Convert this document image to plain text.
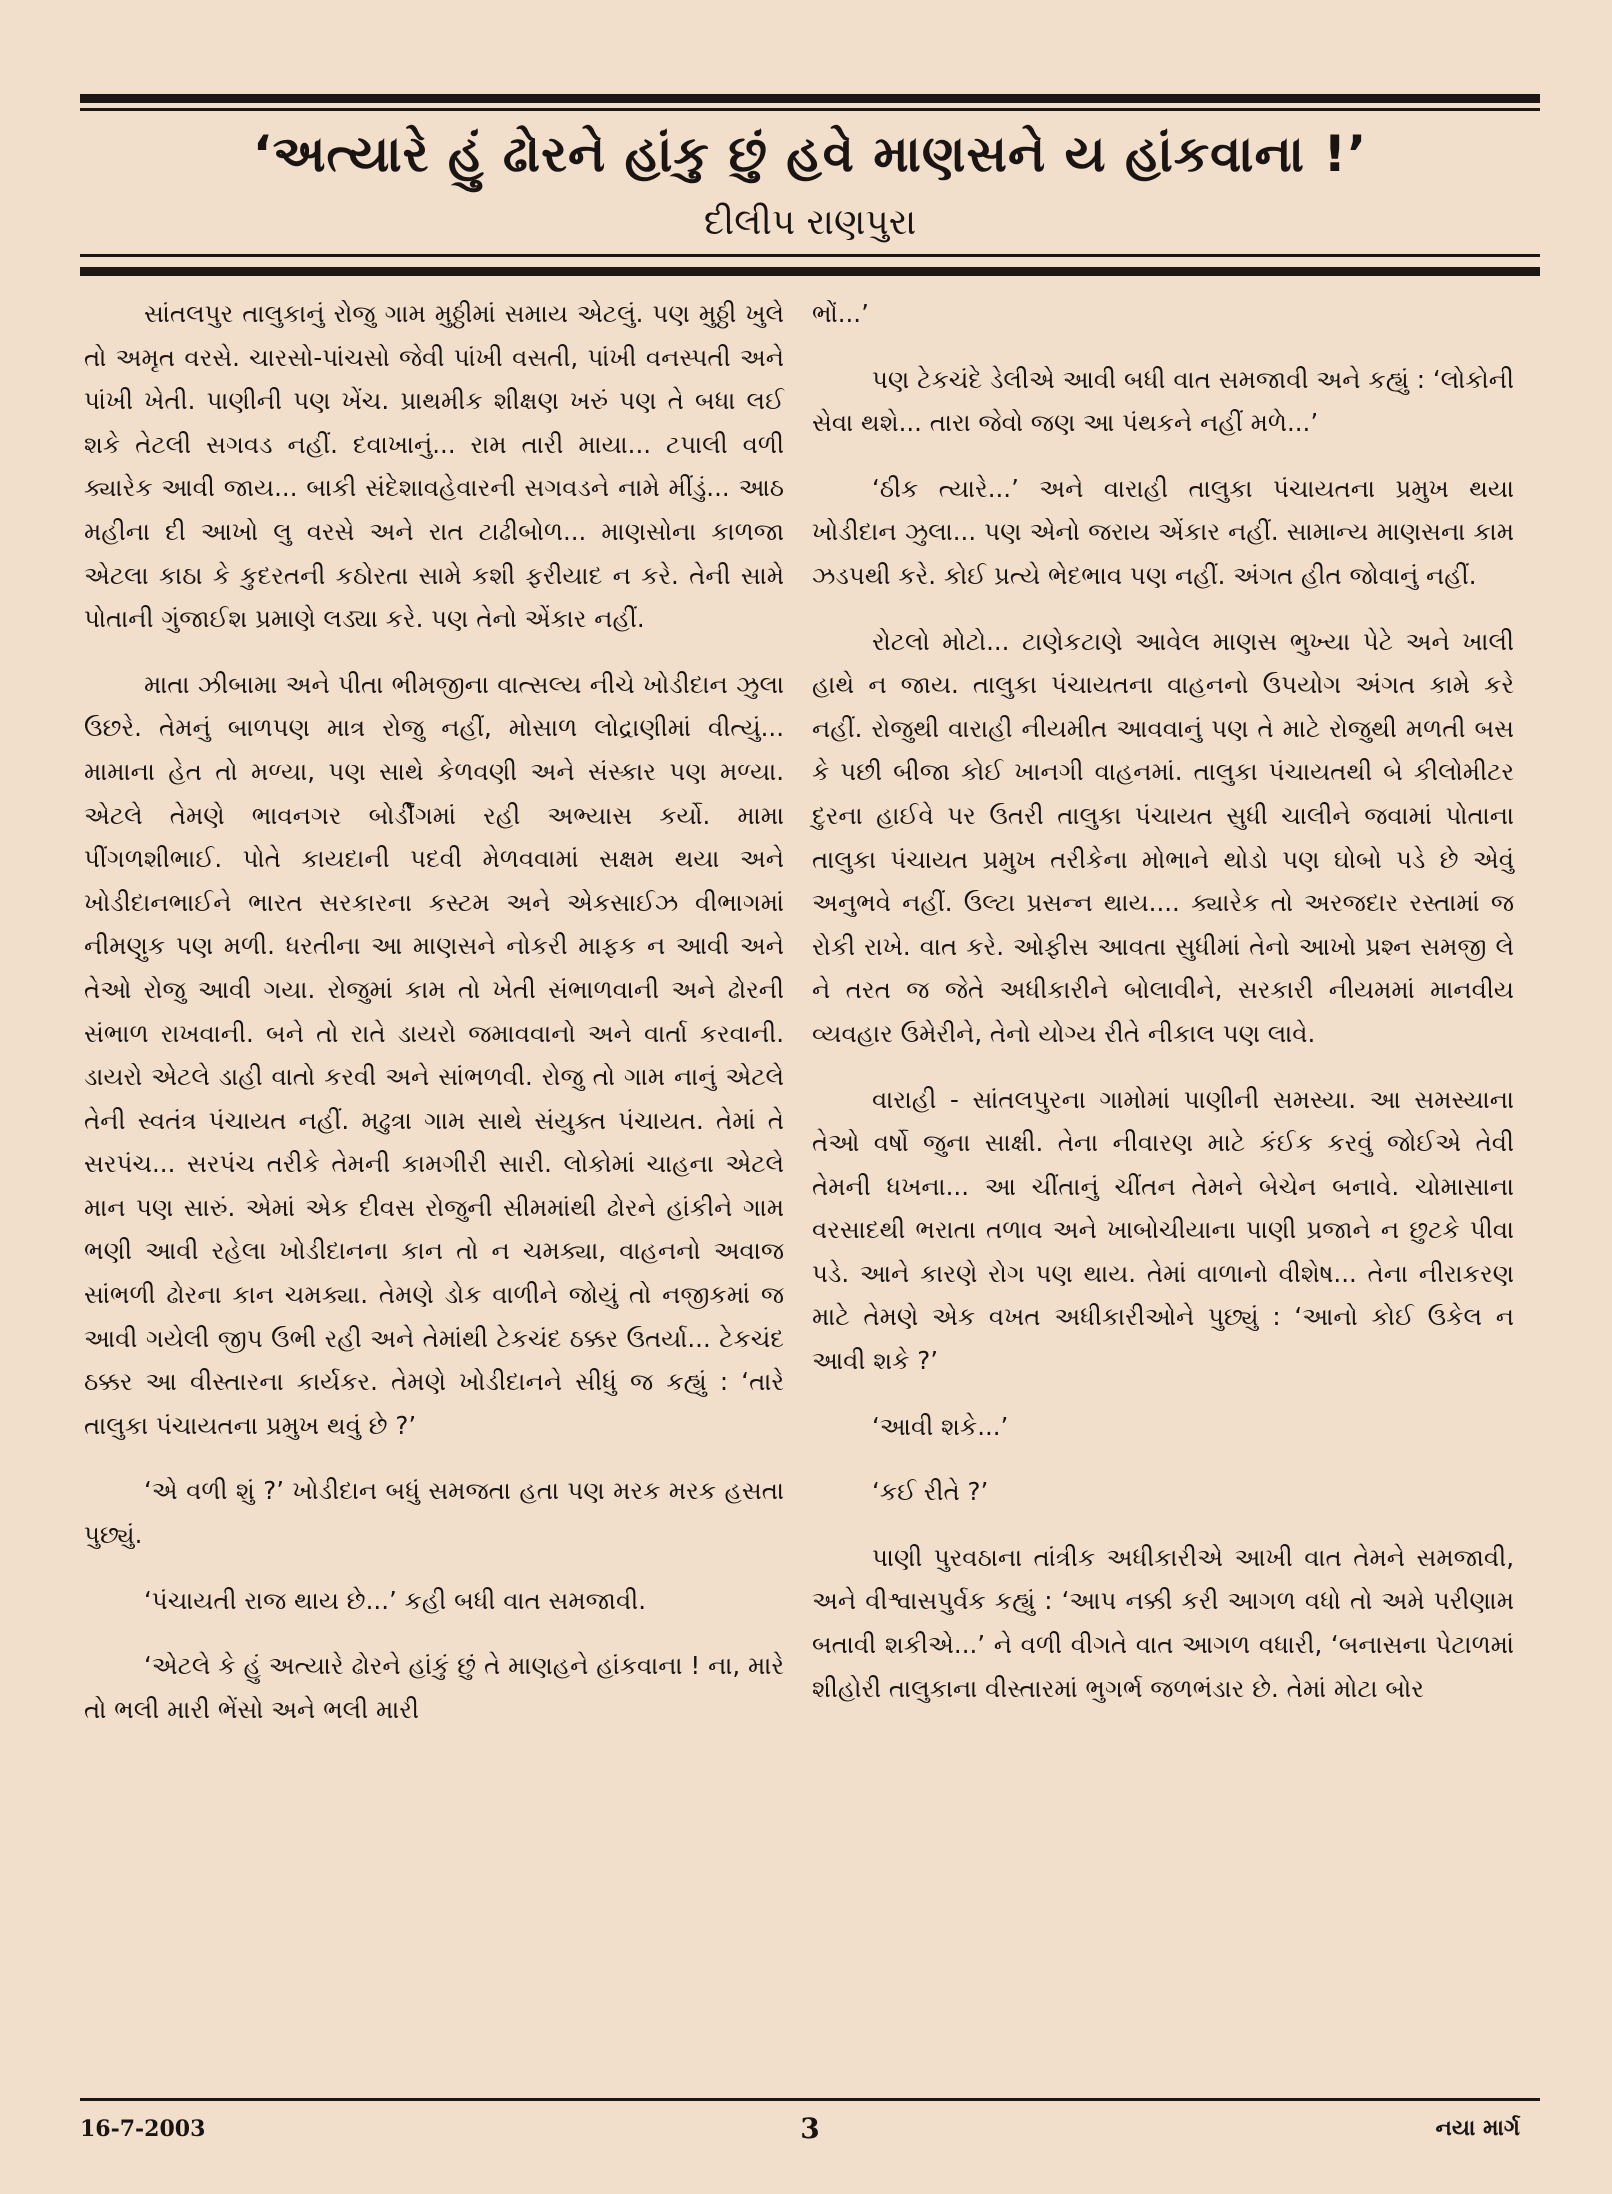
‘અત્યારે હું ઢોરને હાંકુ છું હવે માણસને ય હાંકવાના !’
દીલીપ રાણપુરા

સાંતલપુર તાલુકાનું રોજુ ગામ મુઠ્ઠીમાં સમાય એટલું. પણ મુઠ્ઠી ખુલે તો અમૃત વરસે. ચારસો-પાંચસો જેવી પાંખી વસતી, પાંખી વનસ્પતી અને પાંખી ખેતી. પાણીની પણ ખેંચ. પ્રાથમીક શીક્ષણ ખરું પણ તે બધા લઈ શકે તેટલી સગવડ નહીં. દવાખાનું... રામ તારી માયા... ટપાલી વળી ક્યારેક આવી જાય... બાકી સંદેશાવહેવારની સગવડને નામે મીંડું... આઠ મહીના દી આખો લુ વરસે અને રાત ટાઢીબોળ... માણસોના કાળજા એટલા કાઠા કે કુદરતની કઠોરતા સામે કશી ફરીયાદ ન કરે. તેની સામે પોતાની ગુંજાઈશ પ્રમાણે લડ્યા કરે. પણ તેનો એંકાર નહીં.

માતા ઝીબામા અને પીતા ભીમજીના વાત્સલ્ય નીચે ખોડીદાન ઝુલા ઉછરે. તેમનું બાળપણ માત્ર રોજુ નહીં, મોસાળ લોદ્રાણીમાં વીત્યું... મામાના હેત તો મળ્યા, પણ સાથે કેળવણી અને સંસ્કાર પણ મળ્યા. એટલે તેમણે ભાવનગર બોર્ડીંગમાં રહી અભ્યાસ કર્યો. મામા પીંગળશીભાઈ. પોતે કાયદાની પદવી મેળવવામાં સક્ષમ થયા અને ખોડીદાનભાઈને ભારત સરકારના કસ્ટમ અને એકસાઈઝ વીભાગમાં નીમણુક પણ મળી. ધરતીના આ માણસને નોકરી માફક ન આવી અને તેઓ રોજુ આવી ગયા. રોજુમાં કામ તો ખેતી સંભાળવાની અને ઢોરની સંભાળ રાખવાની. બને તો રાતે ડાયરો જમાવવાનો અને વાર્તા કરવાની. ડાયરો એટલે ડાહી વાતો કરવી અને સાંભળવી. રોજુ તો ગામ નાનું એટલે તેની સ્વતંત્ર પંચાયત નહીં. મઢુત્રા ગામ સાથે સંયુક્ત પંચાયત. તેમાં તે સરપંચ... સરપંચ તરીકે તેમની કામગીરી સારી. લોકોમાં ચાહના એટલે માન પણ સારું. એમાં એક દીવસ રોજુની સીમમાંથી ઢોરને હાંકીને ગામ ભણી આવી રહેલા ખોડીદાનના કાન તો ન ચમક્યા, વાહનનો અવાજ સાંભળી ઢોરના કાન ચમક્યા. તેમણે ડોક વાળીને જોયું તો નજીકમાં જ આવી ગયેલી જીપ ઉભી રહી અને તેમાંથી ટેકચંદ ઠક્કર ઉતર્યા... ટેકચંદ ઠક્કર આ વીસ્તારના કાર્યકર. તેમણે ખોડીદાનને સીધું જ કહ્યું : ‘તારે તાલુકા પંચાયતના પ્રમુખ થવું છે ?’

‘એ વળી શું ?’ ખોડીદાન બધું સમજતા હતા પણ મરક મરક હસતા પુછ્યું.

‘પંચાયતી રાજ થાય છે...’ કહી બધી વાત સમજાવી.

‘એટલે કે હું અત્યારે ઢોરને હાંકું છું તે માણહને હાંકવાના ! ના, મારે તો ભલી મારી ભેંસો અને ભલી મારી

ભોં...’

પણ ટેકચંદે ડેલીએ આવી બધી વાત સમજાવી અને કહ્યું : ‘લોકોની સેવા થશે... તારા જેવો જણ આ પંથકને નહીં મળે...’

‘ઠીક ત્યારે...’ અને વારાહી તાલુકા પંચાયતના પ્રમુખ થયા ખોડીદાન ઝુલા... પણ એનો જરાય એંકાર નહીં. સામાન્ય માણસના કામ ઝડપથી કરે. કોઈ પ્રત્યે ભેદભાવ પણ નહીં. અંગત હીત જોવાનું નહીં.

રોટલો મોટો... ટાણેકટાણે આવેલ માણસ ભુખ્યા પેટે અને ખાલી હાથે ન જાય. તાલુકા પંચાયતના વાહનનો ઉપયોગ અંગત કામે કરે નહીં. રોજુથી વારાહી નીયમીત આવવાનું પણ તે માટે રોજુથી મળતી બસ કે પછી બીજા કોઈ ખાનગી વાહનમાં. તાલુકા પંચાયતથી બે કીલોમીટર દુરના હાઈવે પર ઉતરી તાલુકા પંચાયત સુધી ચાલીને જવામાં પોતાના તાલુકા પંચાયત પ્રમુખ તરીકેના મોભાને થોડો પણ ઘોબો પડે છે એવું અનુભવે નહીં. ઉલ્ટા પ્રસન્ન થાય.... ક્યારેક તો અરજદાર રસ્તામાં જ રોકી રાખે. વાત કરે. ઓફીસ આવતા સુધીમાં તેનો આખો પ્રશ્ન સમજી લે ને તરત જ જેતે અધીકારીને બોલાવીને, સરકારી નીયમમાં માનવીય વ્યવહાર ઉમેરીને, તેનો યોગ્ય રીતે નીકાલ પણ લાવે.

વારાહી - સાંતલપુરના ગામોમાં પાણીની સમસ્યા. આ સમસ્યાના તેઓ વર્ષો જુના સાક્ષી. તેના નીવારણ માટે કંઈક કરવું જોઈએ તેવી તેમની ધખના... આ ચીંતાનું ચીંતન તેમને બેચેન બનાવે. ચોમાસાના વરસાદથી ભરાતા તળાવ અને ખાબોચીયાના પાણી પ્રજાને ન છુટકે પીવા પડે. આને કારણે રોગ પણ થાય. તેમાં વાળાનો વીશેષ... તેના નીરાકરણ માટે તેમણે એક વખત અધીકારીઓને પુછ્યું : ‘આનો કોઈ ઉકેલ ન આવી શકે ?’

‘આવી શકે...’

‘કઈ રીતે ?’

પાણી પુરવઠાના તાંત્રીક અધીકારીએ આખી વાત તેમને સમજાવી, અને વીશ્વાસપુર્વક કહ્યું : ‘આપ નક્કી કરી આગળ વધો તો અમે પરીણામ બતાવી શકીએ...’ ને વળી વીગતે વાત આગળ વધારી, ‘બનાસના પેટાળમાં શીહોરી તાલુકાના વીસ્તારમાં ભુગર્ભ જળભંડાર છે. તેમાં મોટા બોર

16-7-2003	3	નયા માર્ગ
